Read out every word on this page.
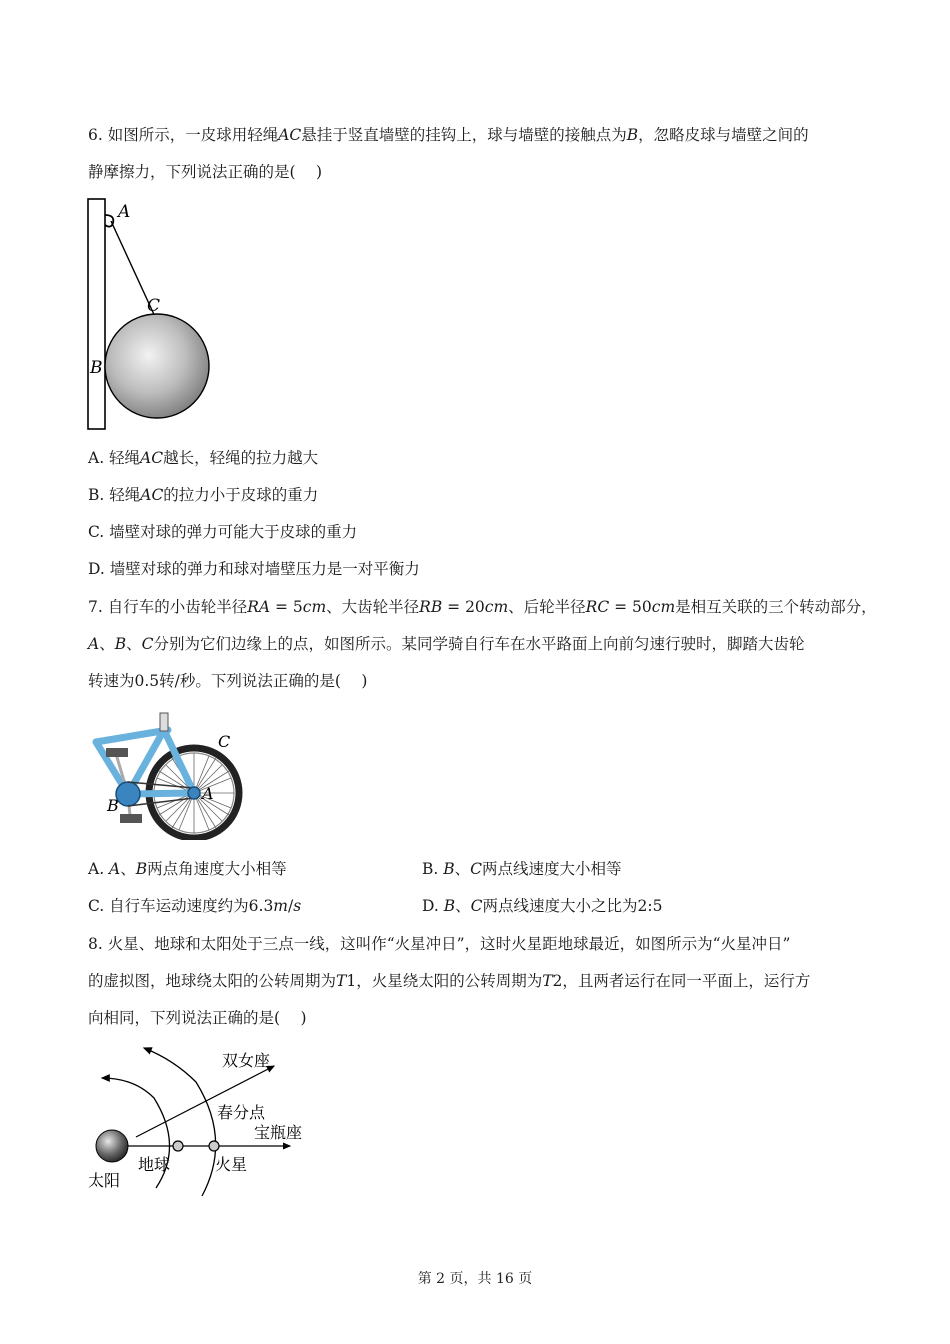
6. 如图所示，一皮球用轻绳𝐴𝐶悬挂于竖直墙壁的挂钩上，球与墙壁的接触点为𝐵，忽略皮球与墙壁之间的
静摩擦力，下列说法正确的是(　 )
A
C
B
A. 轻绳𝐴𝐶越长，轻绳的拉力越大
B. 轻绳𝐴𝐶的拉力小于皮球的重力
C. 墙壁对球的弹力可能大于皮球的重力
D. 墙壁对球的弹力和球对墙壁压力是一对平衡力
7. 自行车的小齿轮半径𝑅𝐴 = 5𝑐𝑚、大齿轮半径𝑅𝐵 = 20𝑐𝑚、后轮半径𝑅𝐶 = 50𝑐𝑚是相互关联的三个转动部分，
𝐴、𝐵、𝐶分别为它们边缘上的点，如图所示。某同学骑自行车在水平路面上向前匀速行驶时，脚踏大齿轮
转速为0.5转/秒。下列说法正确的是(　 )
C
A
B
A. 𝐴、𝐵两点角速度大小相等	B. 𝐵、𝐶两点线速度大小相等
C. 自行车运动速度约为6.3𝑚/𝑠	D. 𝐵、𝐶两点线速度大小之比为2:5
8. 火星、地球和太阳处于三点一线，这叫作“火星冲日”，这时火星距地球最近，如图所示为“火星冲日”
的虚拟图，地球绕太阳的公转周期为𝑇1，火星绕太阳的公转周期为𝑇2，且两者运行在同一平面上，运行方
向相同，下列说法正确的是(　 )
双女座
春分点
宝瓶座
太阳
地球	火星
第 2 页，共 16 页
